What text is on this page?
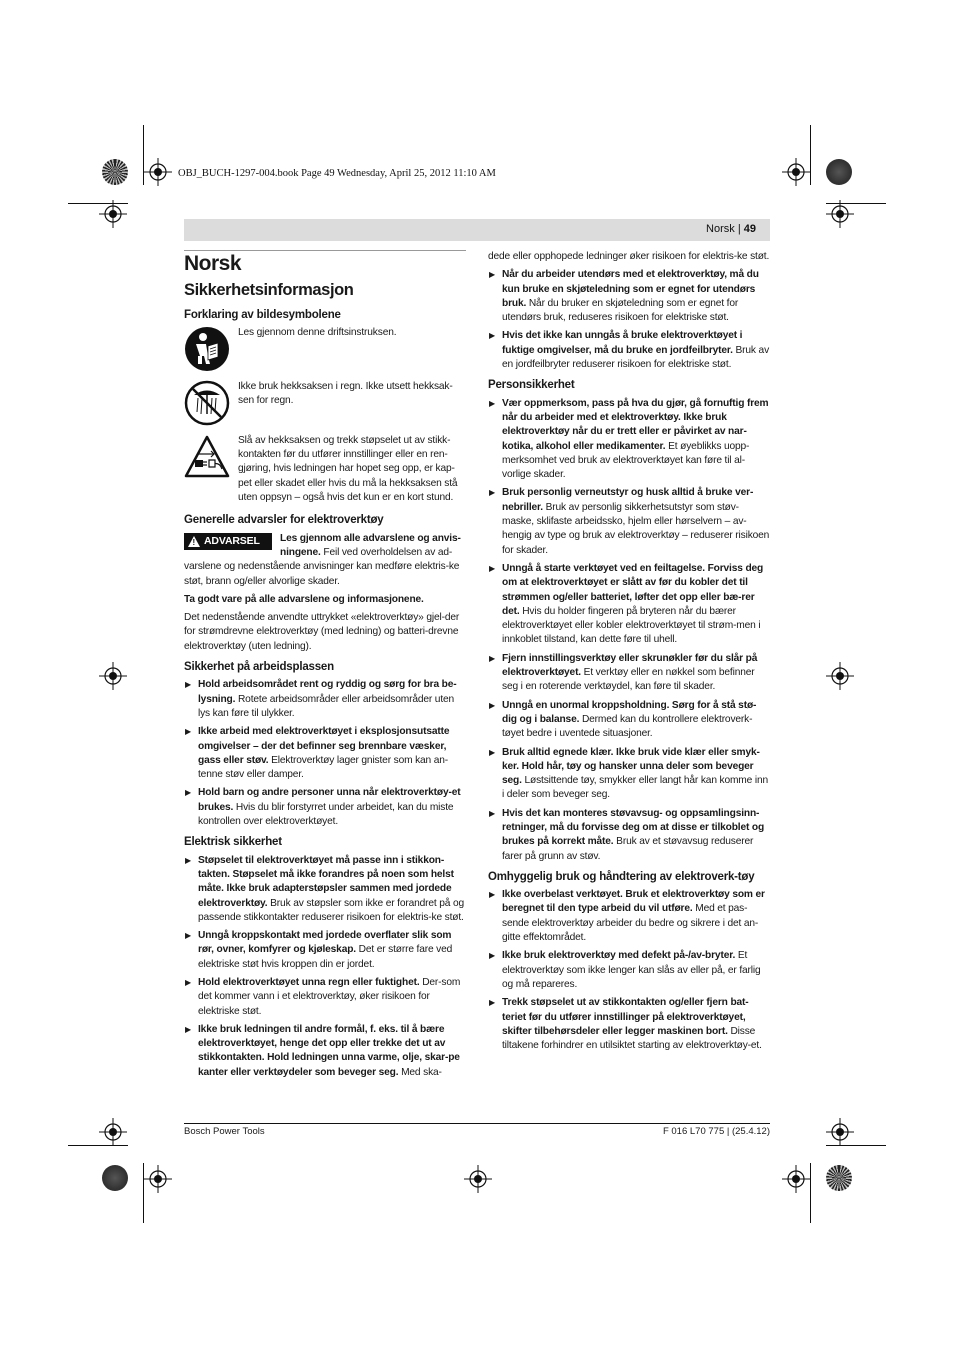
OBJ_BUCH-1297-004.book Page 49 Wednesday, April 25, 2012 11:10 AM
Norsk | 49
Norsk
Sikkerhetsinformasjon
Forklaring av bildesymbolene
Les gjennom denne driftsinstruksen.
Ikke bruk hekksaksen i regn. Ikke utsett hekksak-sen for regn.
Slå av hekksaksen og trekk støpselet ut av stikk-kontakten før du utfører innstillinger eller en ren-gjøring, hvis ledningen har hopet seg opp, er kap-pet eller skadet eller hvis du må la hekksaksen stå uten oppsyn – også hvis det kun er en kort stund.
Generelle advarsler for elektroverktøy
! ADVARSEL	Les gjennom alle advarslene og anvis-ningene. Feil ved overholdelsen av ad-varslene og nedenstående anvisninger kan medføre elektris-ke støt, brann og/eller alvorlige skader.

Ta godt vare på alle advarslene og informasjonene.

Det nedenstående anvendte uttrykket «elektroverktøy» gjel-der for strømdrevne elektroverktøy (med ledning) og batteri-drevne elektroverktøy (uten ledning).

Sikkerhet på arbeidsplassen
▶ Hold arbeidsområdet rent og ryddig og sørg for bra be-lysning. Rotete arbeidsområder eller arbeidsområder uten lys kan føre til ulykker.
▶ Ikke arbeid med elektroverktøyet i eksplosjonsutsatte omgivelser – der det befinner seg brennbare væsker, gass eller støv. Elektroverktøy lager gnister som kan an-tenne støv eller damper.
▶ Hold barn og andre personer unna når elektroverktøy-et brukes. Hvis du blir forstyrret under arbeidet, kan du miste kontrollen over elektroverktøyet.
Elektrisk sikkerhet
▶ Støpselet til elektroverktøyet må passe inn i stikkon-takten. Støpselet må ikke forandres på noen som helst måte. Ikke bruk adapterstøpsler sammen med jordede elektroverktøy. Bruk av støpsler som ikke er forandret på og passende stikkontakter reduserer risikoen for elektris-ke støt.
▶ Unngå kroppskontakt med jordede overflater slik som rør, ovner, komfyrer og kjøleskap. Det er større fare ved elektriske støt hvis kroppen din er jordet.
▶ Hold elektroverktøyet unna regn eller fuktighet. Der-som det kommer vann i et elektroverktøy, øker risikoen for elektriske støt.
▶ Ikke bruk ledningen til andre formål, f. eks. til å bære elektroverktøyet, henge det opp eller trekke det ut av stikkontakten. Hold ledningen unna varme, olje, skar-pe kanter eller verktøydeler som beveger seg. Med ska-

dede eller opphopede ledninger øker risikoen for elektris-ke støt.

▶ Når du arbeider utendørs med et elektroverktøy, må du kun bruke en skjøteledning som er egnet for utendørs bruk. Når du bruker en skjøteledning som er egnet for utendørs bruk, reduseres risikoen for elektriske støt.
▶ Hvis det ikke kan unngås å bruke elektroverktøyet i fuktige omgivelser, må du bruke en jordfeilbryter. Bruk av en jordfeilbryter reduserer risikoen for elektriske støt.
Personsikkerhet
▶ Vær oppmerksom, pass på hva du gjør, gå fornuftig frem når du arbeider med et elektroverktøy. Ikke bruk elektroverktøy når du er trett eller er påvirket av nar-kotika, alkohol eller medikamenter. Et øyeblikks uopp-merksomhet ved bruk av elektroverktøyet kan føre til al-vorlige skader.
▶ Bruk personlig verneutstyr og husk alltid å bruke ver-nebriller. Bruk av personlig sikkerhetsutstyr som støv-maske, sklifaste arbeidssko, hjelm eller hørselvern – av-hengig av type og bruk av elektroverktøy – reduserer risikoen for skader.
▶ Unngå å starte verktøyet ved en feiltagelse. Forviss deg om at elektroverktøyet er slått av før du kobler det til strømmen og/eller batteriet, løfter det opp eller bæ-rer det. Hvis du holder fingeren på bryteren når du bærer elektroverktøyet eller kobler elektroverktøyet til strøm-men i innkoblet tilstand, kan dette føre til uhell.
▶ Fjern innstillingsverktøy eller skrunøkler før du slår på elektroverktøyet. Et verktøy eller en nøkkel som befinner seg i en roterende verktøydel, kan føre til skader.
▶ Unngå en unormal kroppsholdning. Sørg for å stå stø-dig og i balanse. Dermed kan du kontrollere elektroverk-tøyet bedre i uventede situasjoner.
▶ Bruk alltid egnede klær. Ikke bruk vide klær eller smyk-ker. Hold hår, tøy og hansker unna deler som beveger seg. Løstsittende tøy, smykker eller langt hår kan komme inn i deler som beveger seg.
▶ Hvis det kan monteres støvavsug- og oppsamlingsinn-retninger, må du forvisse deg om at disse er tilkoblet og brukes på korrekt måte. Bruk av et støvavsug reduserer farer på grunn av støv.
Omhyggelig bruk og håndtering av elektroverk-tøy
▶ Ikke overbelast verktøyet. Bruk et elektroverktøy som er beregnet til den type arbeid du vil utføre. Med et pas-sende elektroverktøy arbeider du bedre og sikrere i det an-gitte effektområdet.
▶ Ikke bruk elektroverktøy med defekt på-/av-bryter. Et elektroverktøy som ikke lenger kan slås av eller på, er farlig og må repareres.
▶ Trekk støpselet ut av stikkontakten og/eller fjern bat-teriet før du utfører innstillinger på elektroverktøyet, skifter tilbehørsdeler eller legger maskinen bort. Disse tiltakene forhindrer en utilsiktet starting av elektroverktøy-et.
Bosch Power Tools	F 016 L70 775 | (25.4.12)
